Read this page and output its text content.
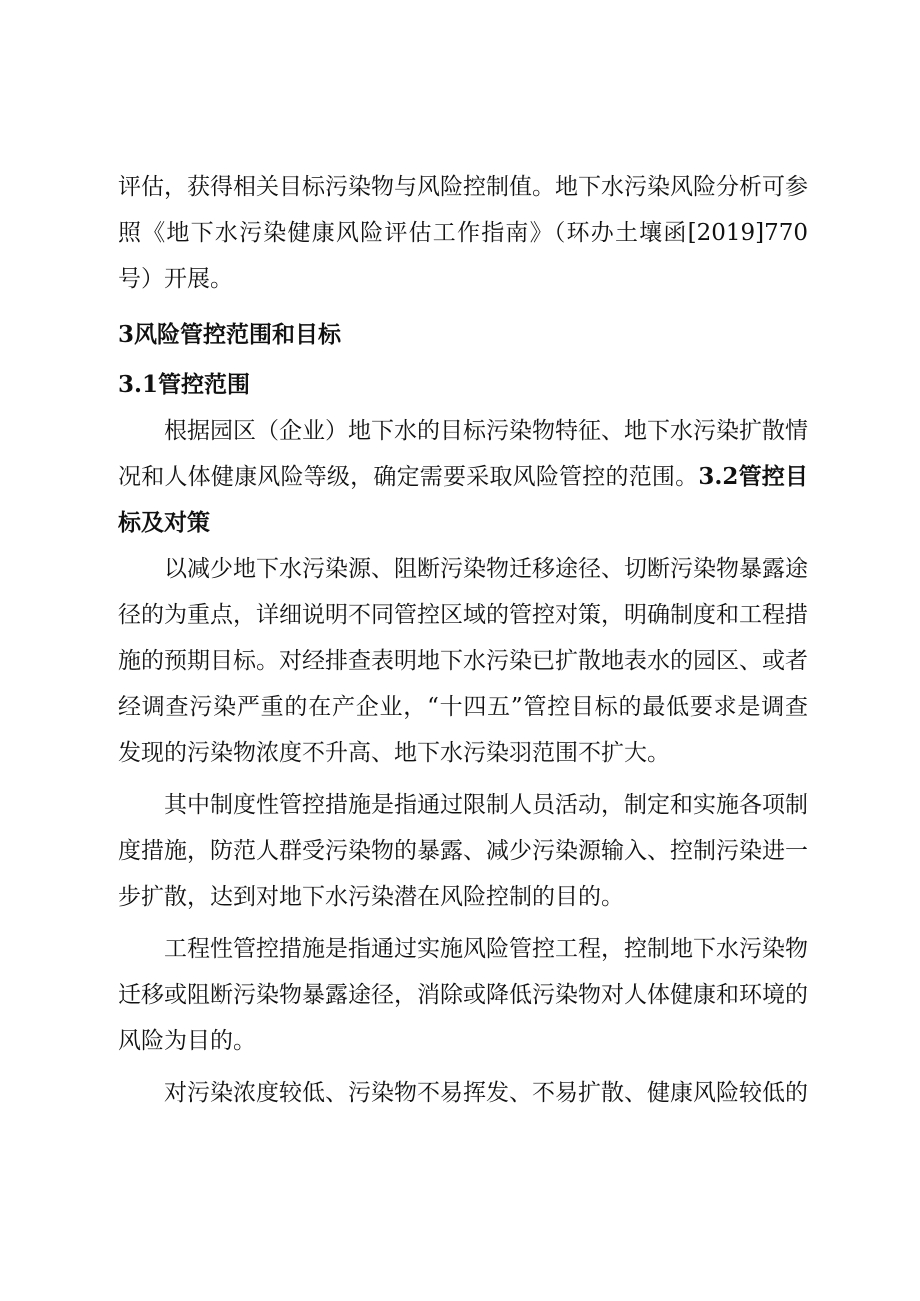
评估，获得相关目标污染物与风险控制值。地下水污染风险分析可参照《地下水污染健康风险评估工作指南》（环办土壤函[2019]770号）开展。

3风险管控范围和目标
3.1管控范围

根据园区（企业）地下水的目标污染物特征、地下水污染扩散情况和人体健康风险等级，确定需要采取风险管控的范围。3.2管控目标及对策

以减少地下水污染源、阻断污染物迁移途径、切断污染物暴露途径的为重点，详细说明不同管控区域的管控对策，明确制度和工程措施的预期目标。对经排查表明地下水污染已扩散地表水的园区、或者经调查污染严重的在产企业，“十四五”管控目标的最低要求是调查发现的污染物浓度不升高、地下水污染羽范围不扩大。

其中制度性管控措施是指通过限制人员活动，制定和实施各项制度措施，防范人群受污染物的暴露、减少污染源输入、控制污染进一步扩散，达到对地下水污染潜在风险控制的目的。

工程性管控措施是指通过实施风险管控工程，控制地下水污染物迁移或阻断污染物暴露途径，消除或降低污染物对人体健康和环境的风险为目的。

对污染浓度较低、污染物不易挥发、不易扩散、健康风险较低的
